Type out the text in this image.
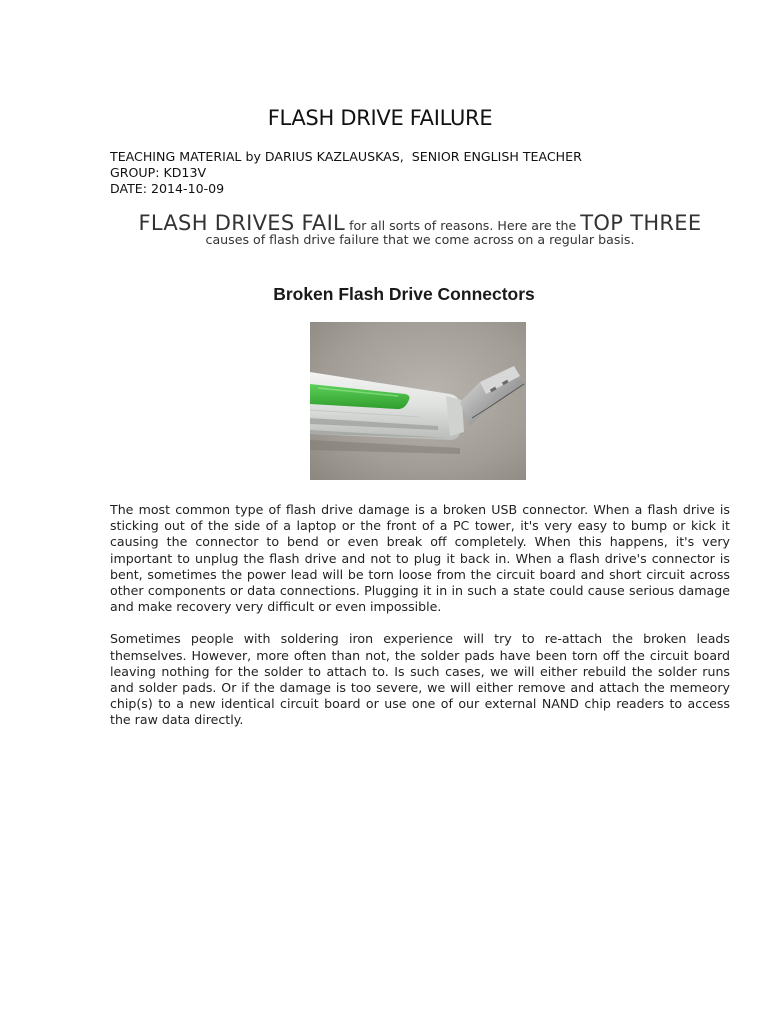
FLASH DRIVE FAILURE
TEACHING MATERIAL by DARIUS KAZLAUSKAS,  SENIOR ENGLISH TEACHER
GROUP: KD13V
DATE: 2014-10-09
FLASH DRIVES FAIL for all sorts of reasons. Here are the TOP THREE
causes of flash drive failure that we come across on a regular basis.
Broken Flash Drive Connectors

The most common type of flash drive damage is a broken USB connector. When a flash drive is sticking out of the side of a laptop or the front of a PC tower, it's very easy to bump or kick it causing the connector to bend or even break off completely. When this happens, it's very important to unplug the flash drive and not to plug it back in. When a flash drive's connector is bent, sometimes the power lead will be torn loose from the circuit board and short circuit across other components or data connections. Plugging it in in such a state could cause serious damage and make recovery very difficult or even impossible.

Sometimes people with soldering iron experience will try to re-attach the broken leads themselves. However, more often than not, the solder pads have been torn off the circuit board leaving nothing for the solder to attach to. Is such cases, we will either rebuild the solder runs and solder pads. Or if the damage is too severe, we will either remove and attach the memeory chip(s) to a new identical circuit board or use one of our external NAND chip readers to access the raw data directly.
